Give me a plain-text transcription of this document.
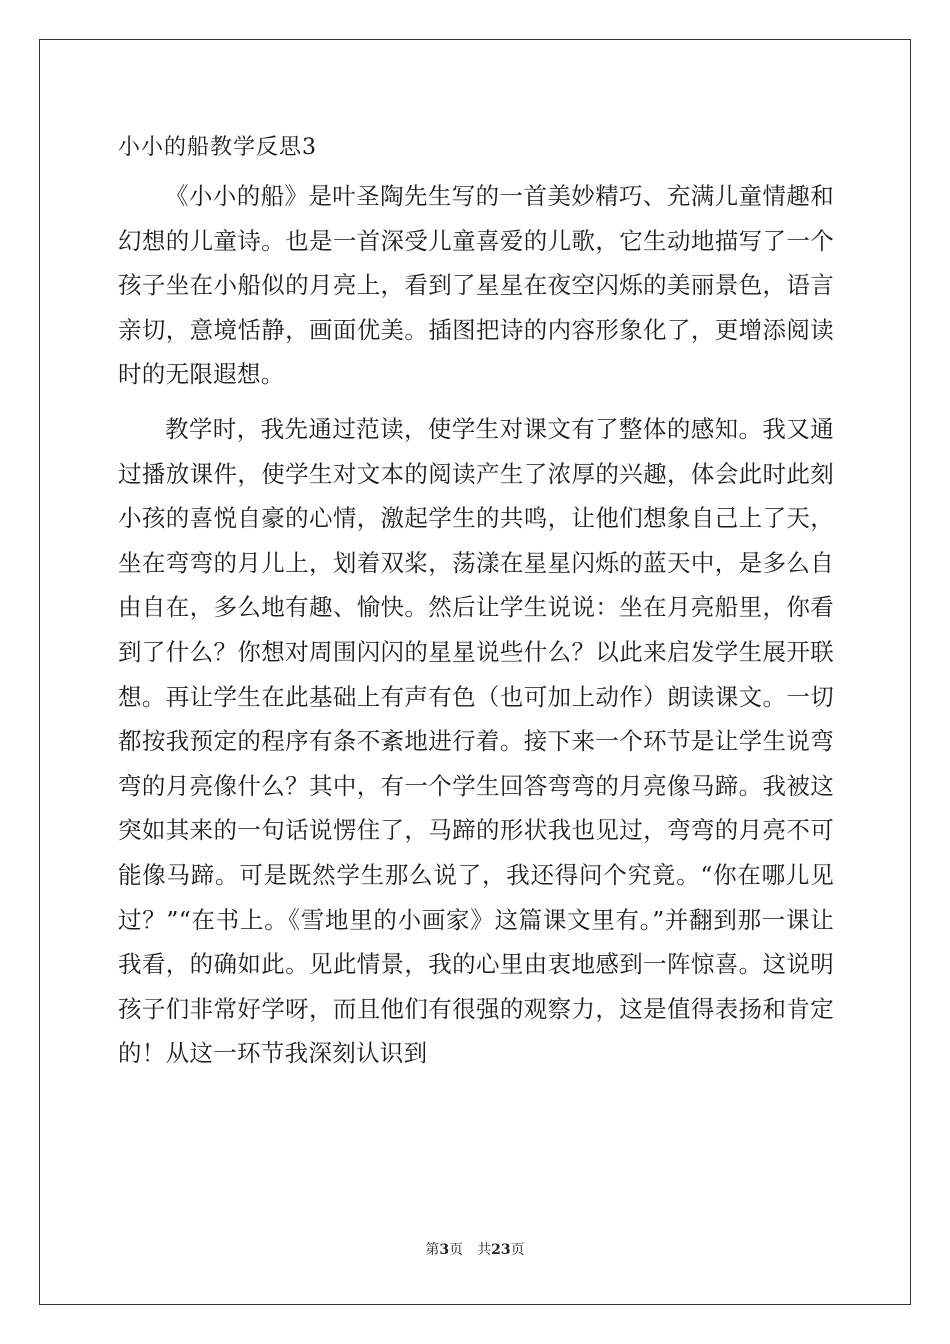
小小的船教学反思3

《小小的船》是叶圣陶先生写的一首美妙精巧、充满儿童情趣和幻想的儿童诗。也是一首深受儿童喜爱的儿歌，它生动地描写了一个孩子坐在小船似的月亮上，看到了星星在夜空闪烁的美丽景色，语言亲切，意境恬静，画面优美。插图把诗的内容形象化了，更增添阅读时的无限遐想。

教学时，我先通过范读，使学生对课文有了整体的感知。我又通过播放课件，使学生对文本的阅读产生了浓厚的兴趣，体会此时此刻小孩的喜悦自豪的心情，激起学生的共鸣，让他们想象自己上了天，坐在弯弯的月儿上，划着双桨，荡漾在星星闪烁的蓝天中，是多么自由自在，多么地有趣、愉快。然后让学生说说：坐在月亮船里，你看到了什么？你想对周围闪闪的星星说些什么？以此来启发学生展开联想。再让学生在此基础上有声有色（也可加上动作）朗读课文。一切都按我预定的程序有条不紊地进行着。接下来一个环节是让学生说弯弯的月亮像什么？其中，有一个学生回答弯弯的月亮像马蹄。我被这突如其来的一句话说愣住了，马蹄的形状我也见过，弯弯的月亮不可能像马蹄。可是既然学生那么说了，我还得问个究竟。“你在哪儿见过？”“在书上。《雪地里的小画家》这篇课文里有。”并翻到那一课让我看，的确如此。见此情景，我的心里由衷地感到一阵惊喜。这说明孩子们非常好学呀，而且他们有很强的观察力，这是值得表扬和肯定的！从这一环节我深刻认识到

第3页 共23页
